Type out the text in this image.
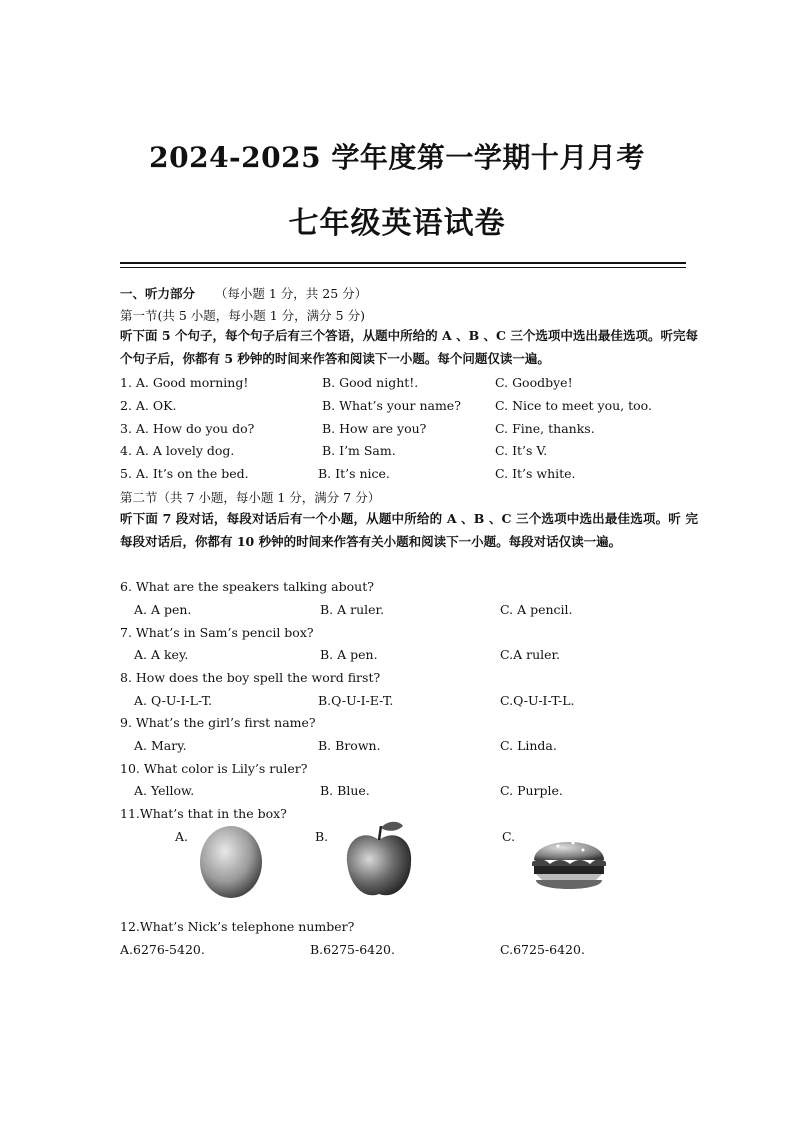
2024-2025 学年度第一学期十月月考
七年级英语试卷
一、听力部分 （每小题 1 分，共 25 分）
第一节(共 5 小题，每小题 1 分，满分 5 分)
听下面 5 个句子，每个句子后有三个答语，从题中所给的 A 、B 、C 三个选项中选出最佳选项。听完每个句子后，你都有 5 秒钟的时间来作答和阅读下一小题。每个问题仅读一遍。
1. A. Good morning!	B. Good night!.	C. Goodbye!
2. A. OK.	B. What’s your name?	C. Nice to meet you, too.
3. A. How do you do?	B. How are you?	C. Fine, thanks.
4. A. A lovely dog.	B. I’m Sam.	C. It’s V.
5. A. It’s on the bed.	B. It’s nice.	C. It’s white.
第二节（共 7 小题，每小题 1 分，满分 7 分）
听下面 7 段对话，每段对话后有一个小题，从题中所给的 A 、B 、C 三个选项中选出最佳选项。听 完每段对话后，你都有 10 秒钟的时间来作答有关小题和阅读下一小题。每段对话仅读一遍。
6. What are the speakers talking about?
A. A pen.	B. A ruler.	C. A pencil.
7. What’s in Sam’s pencil box?
A. A key.	B. A pen.	C.A ruler.
8. How does the boy spell the word first?
A. Q-U-I-L-T.	B.Q-U-I-E-T.	C.Q-U-I-T-L.
9. What’s the girl’s first name?
A. Mary.	B. Brown.	C. Linda.
10. What color is Lily’s ruler?
A. Yellow.	B. Blue.	C. Purple.
11.What’s that in the box?
A.	B.	C.
12.What’s Nick’s telephone number?
A.6276-5420.	B.6275-6420.	C.6725-6420.
